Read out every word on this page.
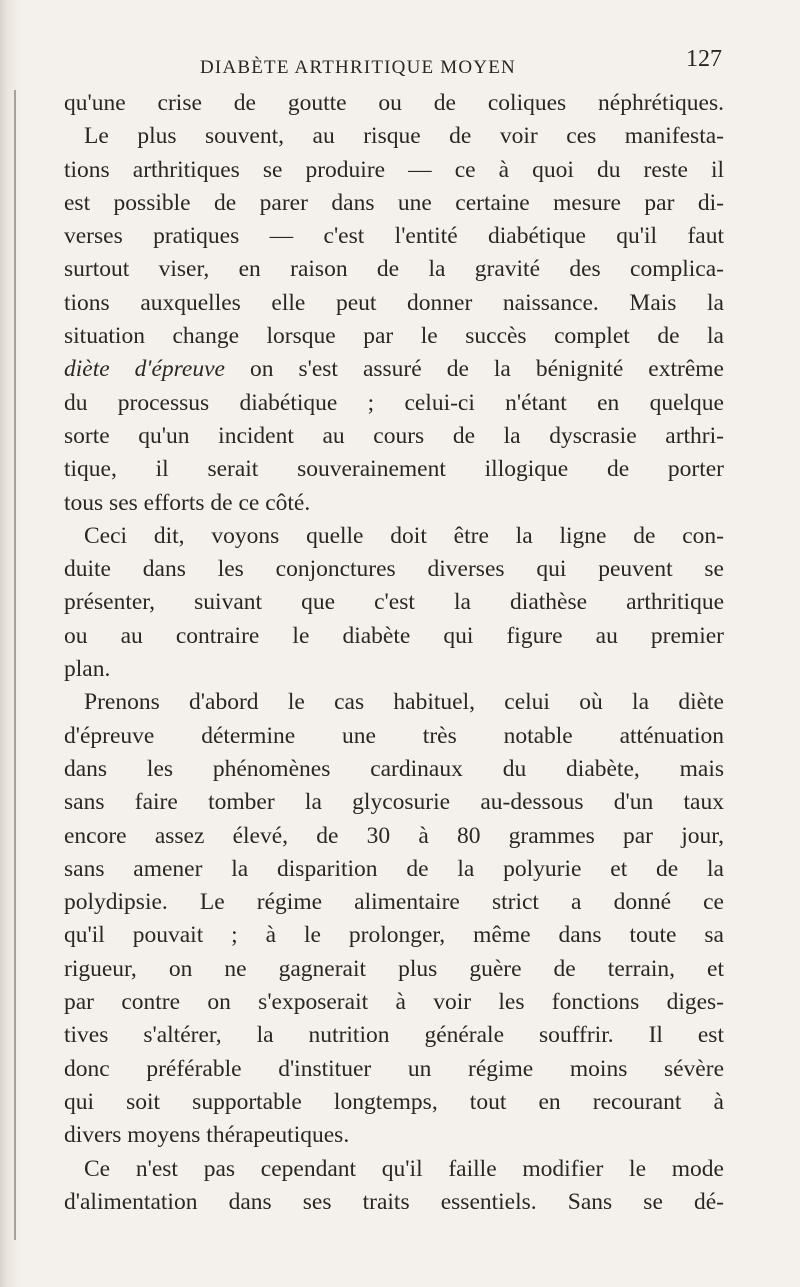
DIABÈTE ARTHRITIQUE MOYEN	127
qu'une crise de goutte ou de coliques néphrétiques.
Le plus souvent, au risque de voir ces manifesta-
tions arthritiques se produire — ce à quoi du reste il
est possible de parer dans une certaine mesure par di-
verses pratiques — c'est l'entité diabétique qu'il faut
surtout viser, en raison de la gravité des complica-
tions auxquelles elle peut donner naissance. Mais la
situation change lorsque par le succès complet de la
diète d'épreuve on s'est assuré de la bénignité extrême
du processus diabétique ; celui-ci n'étant en quelque
sorte qu'un incident au cours de la dyscrasie arthri-
tique, il serait souverainement illogique de porter
tous ses efforts de ce côté.
Ceci dit, voyons quelle doit être la ligne de con-
duite dans les conjonctures diverses qui peuvent se
présenter, suivant que c'est la diathèse arthritique
ou au contraire le diabète qui figure au premier
plan.
Prenons d'abord le cas habituel, celui où la diète
d'épreuve détermine une très notable atténuation
dans les phénomènes cardinaux du diabète, mais
sans faire tomber la glycosurie au-dessous d'un taux
encore assez élevé, de 30 à 80 grammes par jour,
sans amener la disparition de la polyurie et de la
polydipsie. Le régime alimentaire strict a donné ce
qu'il pouvait ; à le prolonger, même dans toute sa
rigueur, on ne gagnerait plus guère de terrain, et
par contre on s'exposerait à voir les fonctions diges-
tives s'altérer, la nutrition générale souffrir. Il est
donc préférable d'instituer un régime moins sévère
qui soit supportable longtemps, tout en recourant à
divers moyens thérapeutiques.
Ce n'est pas cependant qu'il faille modifier le mode
d'alimentation dans ses traits essentiels. Sans se dé-
